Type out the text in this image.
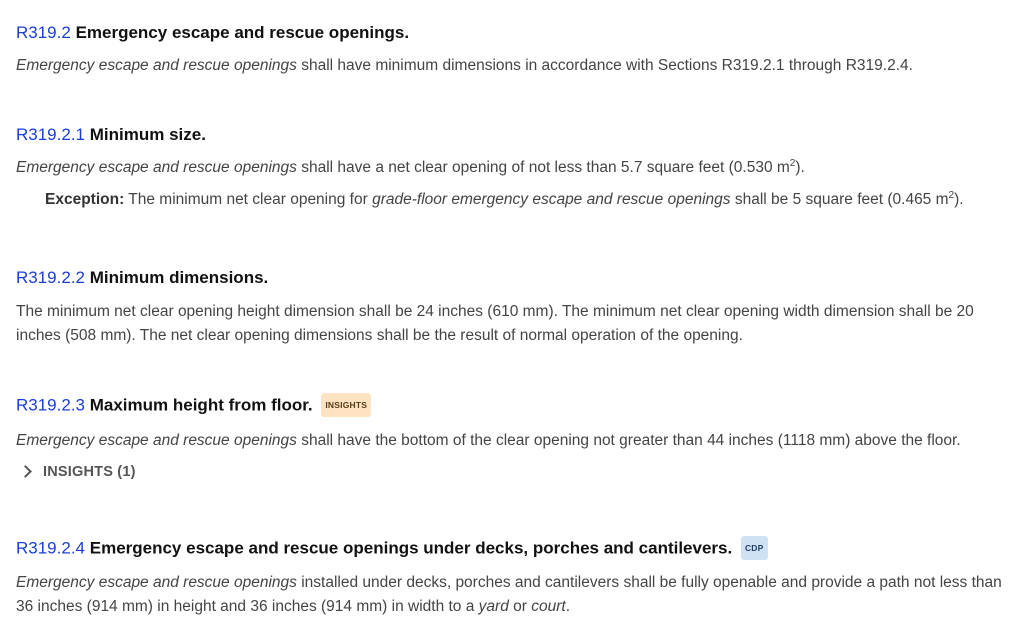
R319.2 Emergency escape and rescue openings.

Emergency escape and rescue openings shall have minimum dimensions in accordance with Sections R319.2.1 through R319.2.4.

R319.2.1 Minimum size.

Emergency escape and rescue openings shall have a net clear opening of not less than 5.7 square feet (0.530 $m^2$).

Exception: The minimum net clear opening for grade-floor emergency escape and rescue openings shall be 5 square feet (0.465 $m^2$).

R319.2.2 Minimum dimensions.

The minimum net clear opening height dimension shall be 24 inches (610 mm). The minimum net clear opening width dimension shall be 20 inches (508 mm). The net clear opening dimensions shall be the result of normal operation of the opening.

R319.2.3 Maximum height from floor. INSIGHTS

Emergency escape and rescue openings shall have the bottom of the clear opening not greater than 44 inches (1118 mm) above the floor.

INSIGHTS (1)
R319.2.4 Emergency escape and rescue openings under decks, porches and cantilevers. CDP

Emergency escape and rescue openings installed under decks, porches and cantilevers shall be fully openable and provide a path not less than 36 inches (914 mm) in height and 36 inches (914 mm) in width to a yard or court.
